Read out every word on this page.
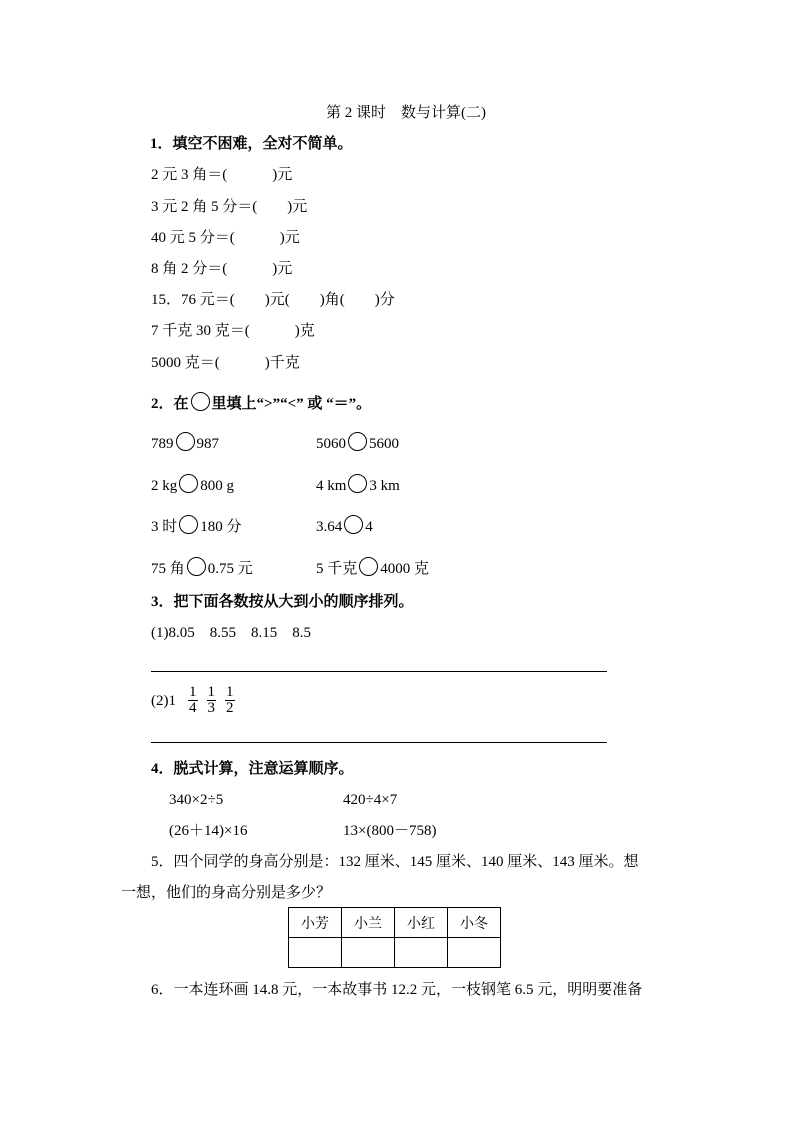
第 2 课时　数与计算(二)
1．填空不困难，全对不简单。
2 元 3 角＝(　　　)元
3 元 2 角 5 分＝(　　)元
40 元 5 分＝(　　　)元
8 角 2 分＝(　　　)元
15．76 元＝(　　)元(　　)角(　　)分
7 千克 30 克＝(　　　)克
5000 克＝(　　　)千克
2．在 里填上“>”“<” 或 “＝”。
789 987	5060 5600
2 kg 800 g	4 km 3 km
3 时 180 分	3.64 4
75 角 0.75 元	5 千克 4000 克
3．把下面各数按从大到小的顺序排列。
(1)8.05　8.55　8.15　8.5
$(2)1 \frac{1}{4} \frac{1}{3} \frac{1}{2}$
4．脱式计算，注意运算顺序。
340×2÷5	420÷4×7
(26＋14)×16	13×(800－758)
5．四个同学的身高分别是：132 厘米、145 厘米、140 厘米、143 厘米。想
一想，他们的身高分别是多少？
小芳	小兰	小红	小冬

6．一本连环画 14.8 元，一本故事书 12.2 元，一枝钢笔 6.5 元，明明要准备
